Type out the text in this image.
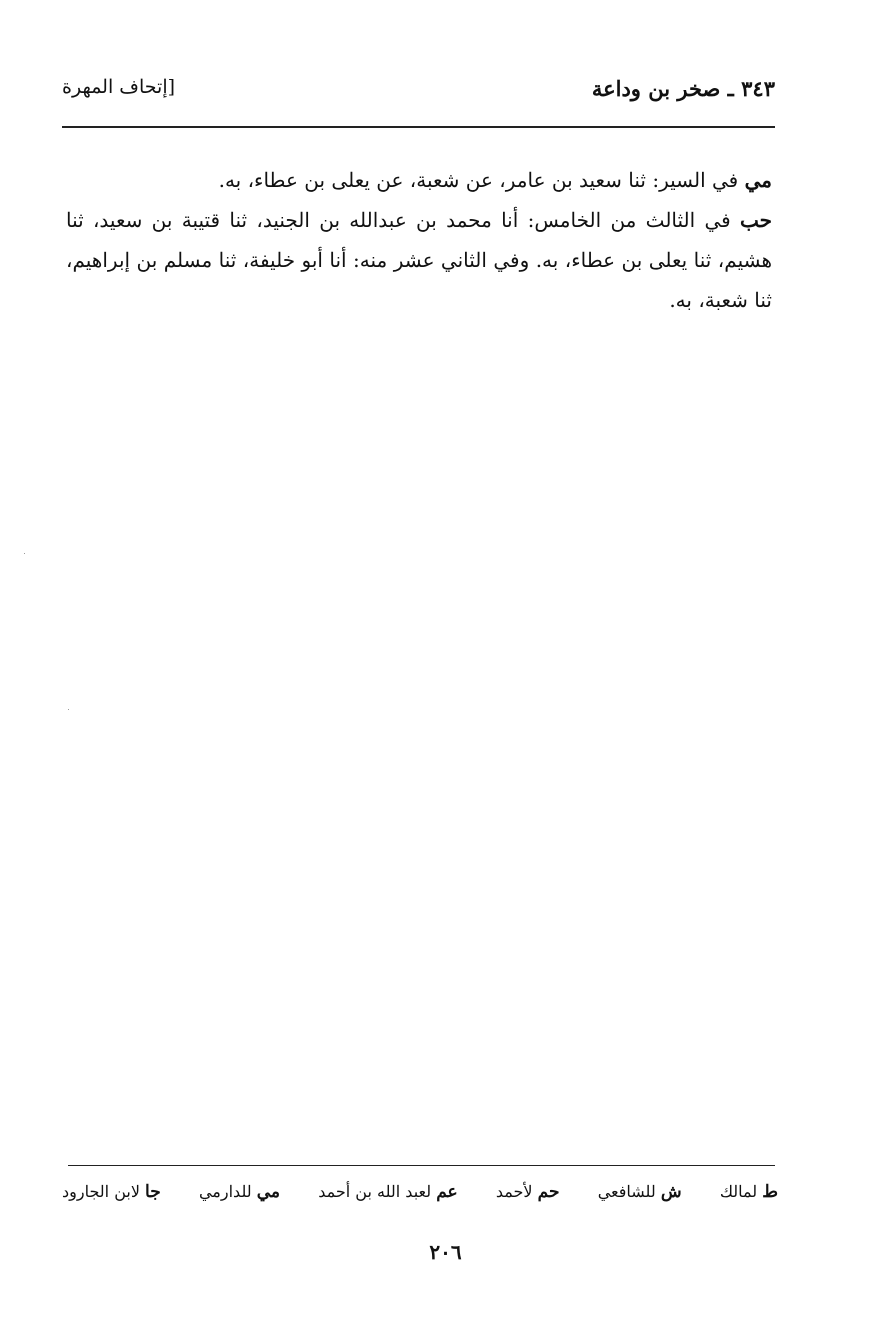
٣٤٣ ـ صخر بن وداعة
[إتحاف المهرة

مي في السير: ثنا سعيد بن عامر، عن شعبة، عن يعلى بن عطاء، به.

حب في الثالث من الخامس: أنا محمد بن عبدالله بن الجنيد، ثنا قتيبة بن سعيد، ثنا هشيم، ثنا يعلى بن عطاء، به. وفي الثاني عشر منه: أنا أبو خليفة، ثنا مسلم بن إبراهيم، ثنا شعبة، به.

ط لمالك
ش للشافعي
حم لأحمد
عم لعبد الله بن أحمد
مي للدارمي
جا لابن الجارود
٢٠٦
